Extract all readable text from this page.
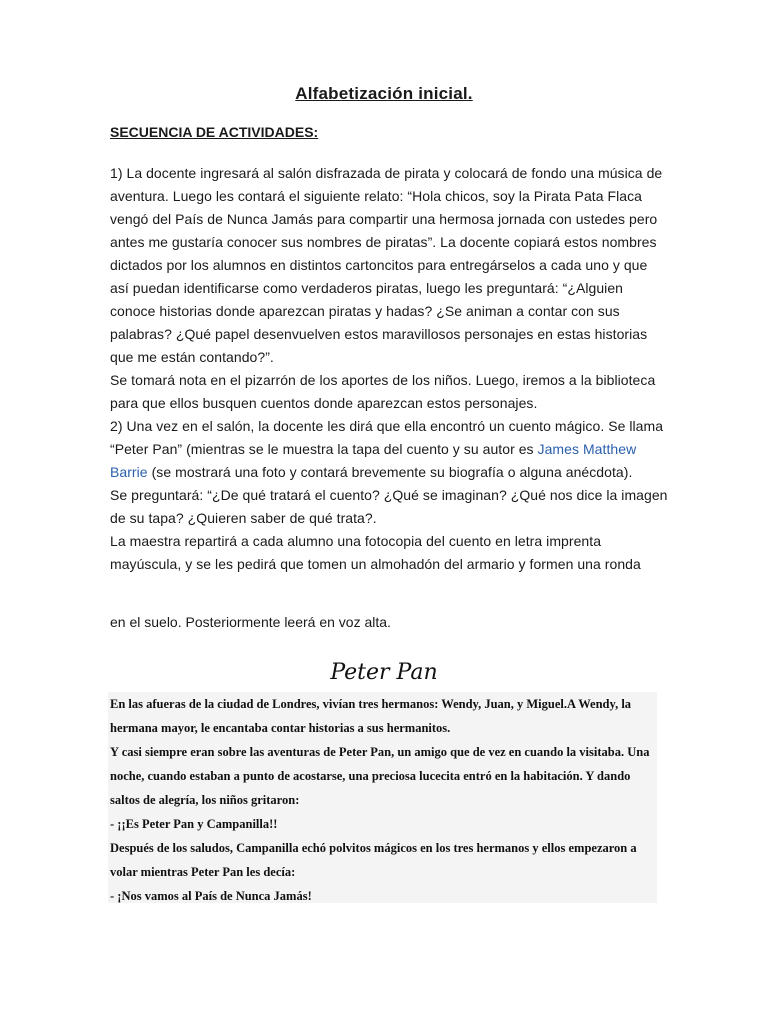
Alfabetización inicial.
SECUENCIA DE ACTIVIDADES:

1) La docente ingresará al salón disfrazada de pirata y colocará de fondo una música de aventura. Luego les contará el siguiente relato: “Hola chicos, soy la Pirata Pata Flaca vengó del País de Nunca Jamás para compartir una hermosa jornada con ustedes pero antes me gustaría conocer sus nombres de piratas”. La docente copiará estos nombres dictados por los alumnos en distintos cartoncitos para entregárselos a cada uno y que así puedan identificarse como verdaderos piratas, luego les preguntará: “¿Alguien conoce historias donde aparezcan piratas y hadas? ¿Se animan a contar con sus palabras? ¿Qué papel desenvuelven estos maravillosos personajes en estas historias que me están contando?”.

Se tomará nota en el pizarrón de los aportes de los niños. Luego, iremos a la biblioteca para que ellos busquen cuentos donde aparezcan estos personajes.

2) Una vez en el salón, la docente les dirá que ella encontró un cuento mágico. Se llama “Peter Pan” (mientras se le muestra la tapa del cuento y su autor es James Matthew Barrie (se mostrará una foto y contará brevemente su biografía o alguna anécdota).

Se preguntará: “¿De qué tratará el cuento? ¿Qué se imaginan? ¿Qué nos dice la imagen de su tapa? ¿Quieren saber de qué trata?.

La maestra repartirá a cada alumno una fotocopia del cuento en letra imprenta mayúscula, y se les pedirá que tomen un almohadón del armario y formen una ronda

en el suelo. Posteriormente leerá en voz alta.
Peter Pan

En las afueras de la ciudad de Londres, vivían tres hermanos: Wendy, Juan, y Miguel.A Wendy, la hermana mayor, le encantaba contar historias a sus hermanitos.

Y casi siempre eran sobre las aventuras de Peter Pan, un amigo que de vez en cuando la visitaba. Una noche, cuando estaban a punto de acostarse, una preciosa lucecita entró en la habitación. Y dando saltos de alegría, los niños gritaron:

- ¡¡Es Peter Pan y Campanilla!!

Después de los saludos, Campanilla echó polvitos mágicos en los tres hermanos y ellos empezaron a volar mientras Peter Pan les decía:

- ¡Nos vamos al País de Nunca Jamás!
